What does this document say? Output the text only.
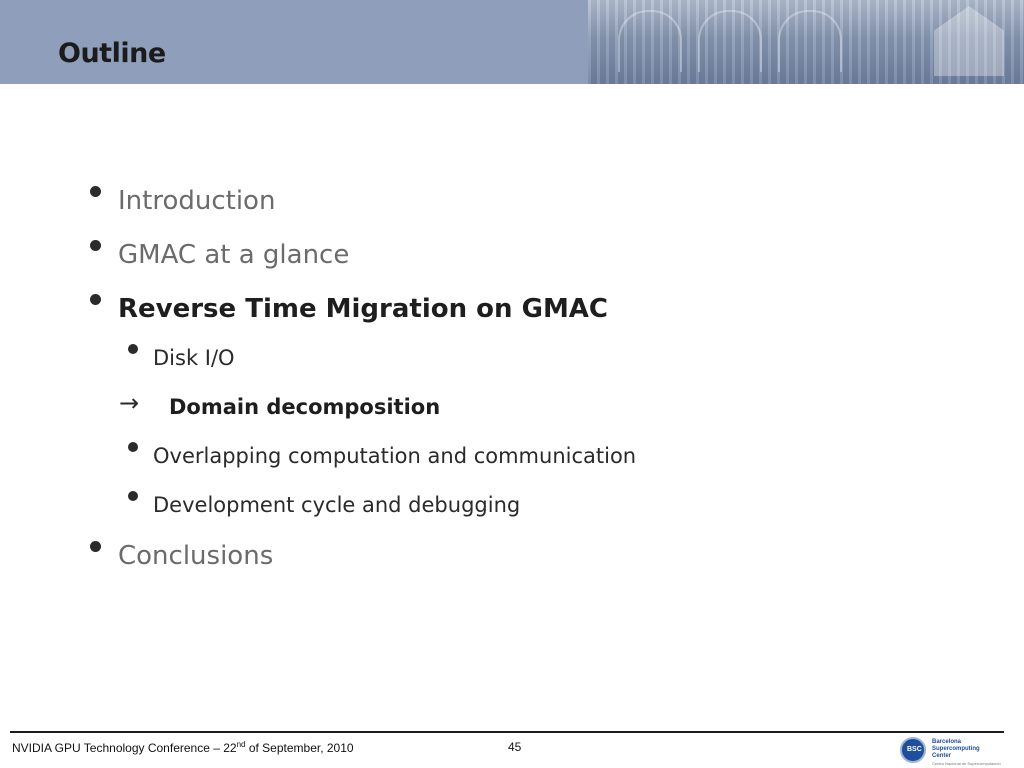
Outline
Introduction
GMAC at a glance
Reverse Time Migration on GMAC
Disk I/O
→ Domain decomposition
Overlapping computation and communication
Development cycle and debugging
Conclusions
NVIDIA GPU Technology Conference – 22nd of September, 2010	45	BSC
Barcelona
Supercomputing
Center
Centro Nacional de Supercomputación
